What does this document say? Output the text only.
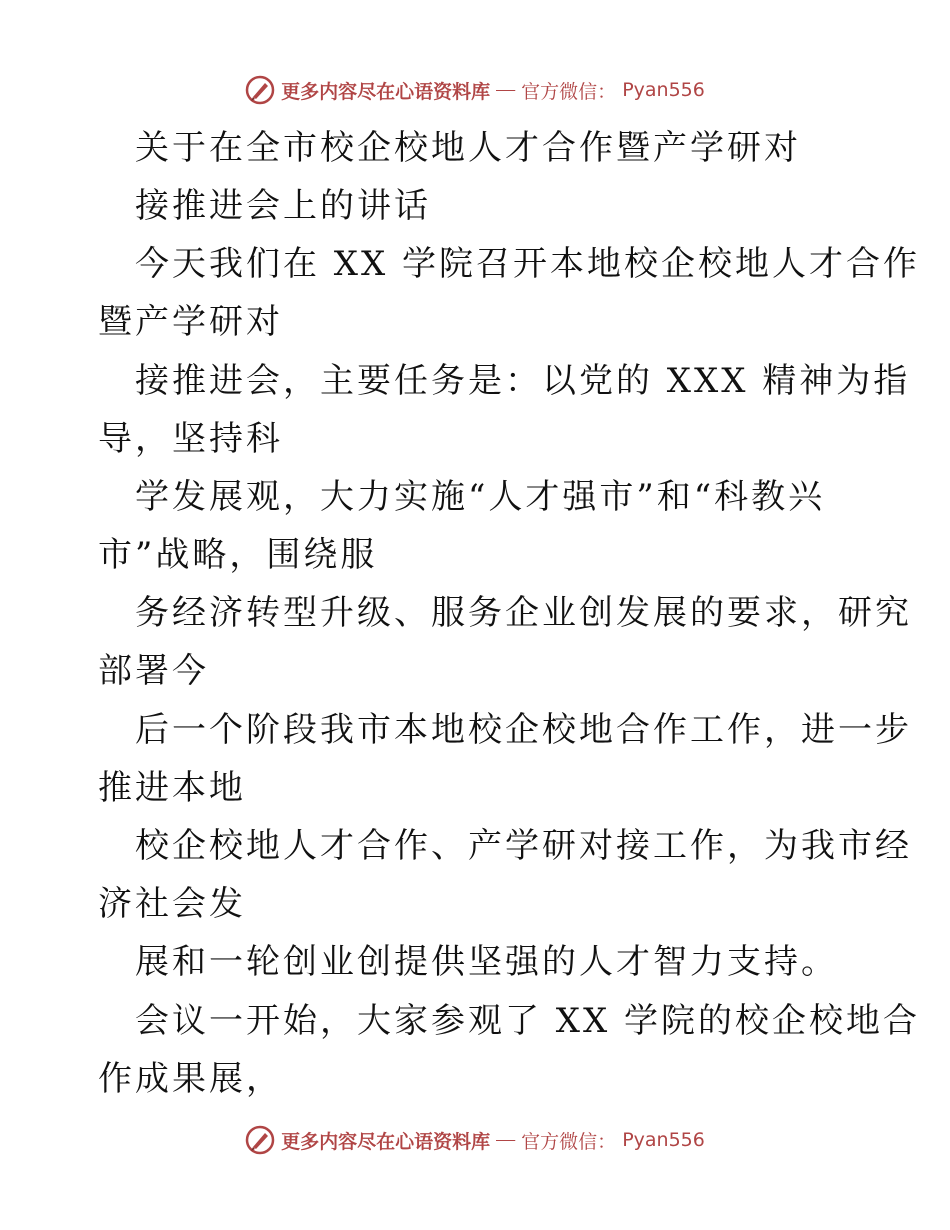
更多内容尽在心语资料库 — 官方微信： Pyan556
关于在全市校企校地人才合作暨产学研对
接推进会上的讲话
今天我们在 XX 学院召开本地校企校地人才合作
暨产学研对
接推进会，主要任务是：以党的 XXX 精神为指
导，坚持科
学发展观，大力实施“人才强市”和“科教兴
市”战略，围绕服
务经济转型升级、服务企业创发展的要求，研究
部署今
后一个阶段我市本地校企校地合作工作，进一步
推进本地
校企校地人才合作、产学研对接工作，为我市经
济社会发
展和一轮创业创提供坚强的人才智力支持。
会议一开始，大家参观了 XX 学院的校企校地合
作成果展，
更多内容尽在心语资料库 — 官方微信： Pyan556
